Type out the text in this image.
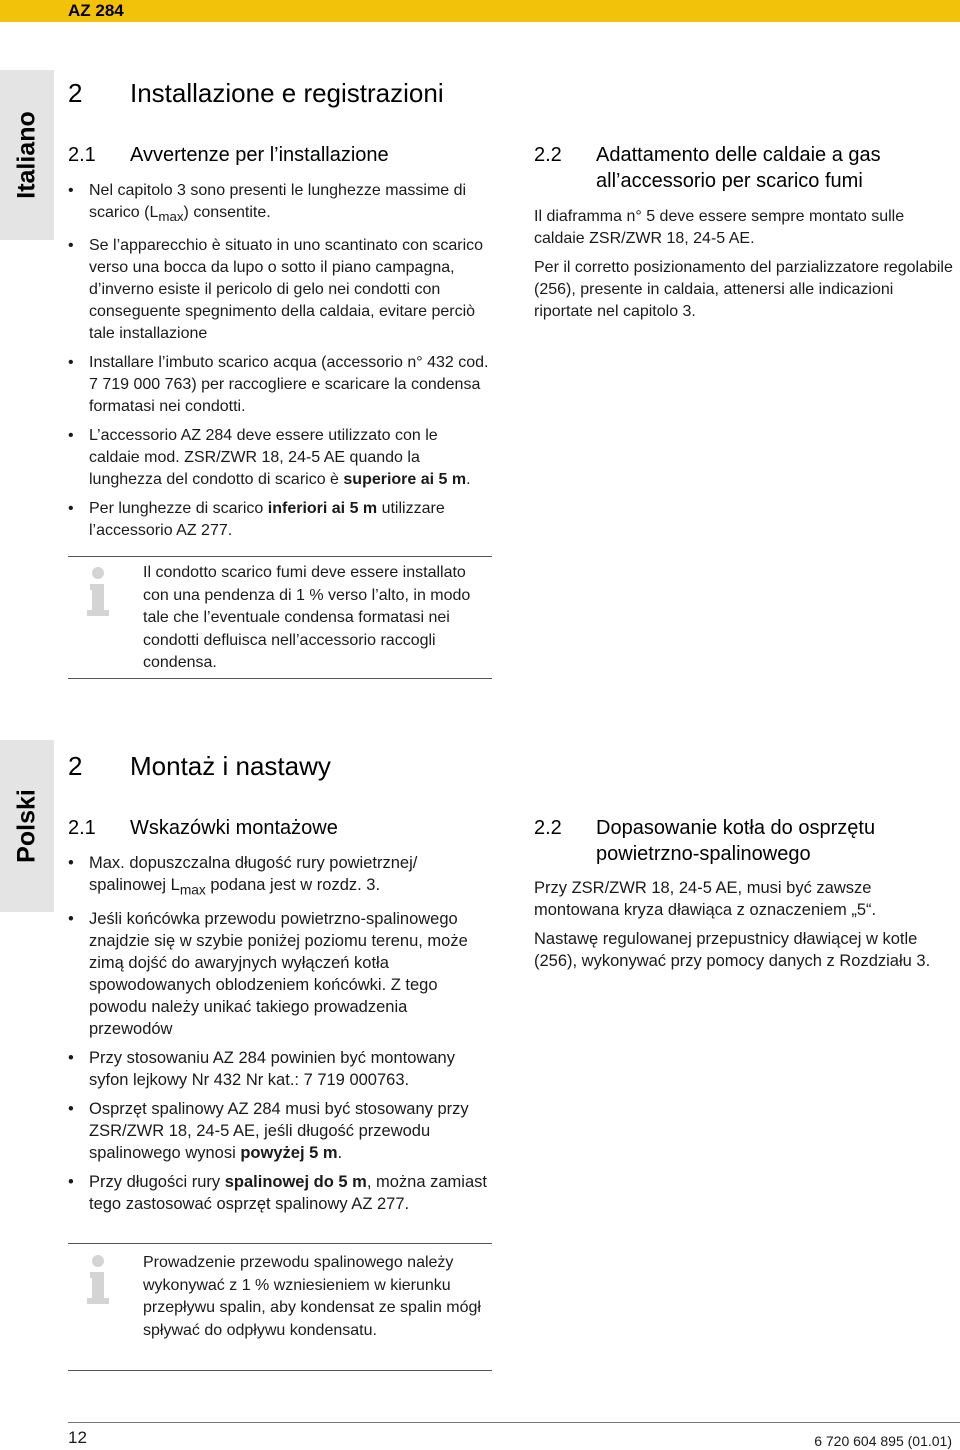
AZ 284
Italiano
2 Installazione e registrazioni
2.1	Avvertenze per l’installazione
• Nel capitolo 3 sono presenti le lunghezze massime di scarico $(L_{max})$ consentite.
• Se l’apparecchio è situato in uno scantinato con scarico verso una bocca da lupo o sotto il piano campagna, d’inverno esiste il pericolo di gelo nei condotti con conseguente spegnimento della caldaia, evitare perciò tale installazione
• Installare l’imbuto scarico acqua (accessorio n° 432 cod. 7 719 000 763) per raccogliere e scaricare la condensa formatasi nei condotti.
• L’accessorio AZ 284 deve essere utilizzato con le caldaie mod. ZSR/ZWR 18, 24-5 AE quando la lunghezza del condotto di scarico è superiore ai 5 m.
• Per lunghezze di scarico inferiori ai 5 m utilizzare l’accessorio AZ 277.
Il condotto scarico fumi deve essere installato con una pendenza di 1 % verso l’alto, in modo tale che l’eventuale condensa formatasi nei condotti defluisca nell’accessorio raccogli condensa.
2.2	Adattamento delle caldaie a gas all’accessorio per scarico fumi

Il diaframma n° 5 deve essere sempre montato sulle caldaie ZSR/ZWR 18, 24-5 AE.

Per il corretto posizionamento del parzializzatore regolabile (256), presente in caldaia, attenersi alle indicazioni riportate nel capitolo 3.

Polski
2 Montaż i nastawy
2.1	Wskazówki montażowe
• Max. dopuszczalna długość rury powietrznej/ spalinowej $L_{max}$ podana jest w rozdz. 3.
• Jeśli końcówka przewodu powietrzno-spalinowego znajdzie się w szybie poniżej poziomu terenu, może zimą dojść do awaryjnych wyłączeń kotła spowodowanych oblodzeniem końcówki. Z tego powodu należy unikać takiego prowadzenia przewodów
• Przy stosowaniu AZ 284 powinien być montowany syfon lejkowy Nr 432 Nr kat.: 7 719 000763.
• Osprzęt spalinowy AZ 284 musi być stosowany przy ZSR/ZWR 18, 24-5 AE, jeśli długość przewodu spalinowego wynosi powyżej 5 m.
• Przy długości rury spalinowej do 5 m, można zamiast tego zastosować osprzęt spalinowy AZ 277.
Prowadzenie przewodu spalinowego należy wykonywać z 1 % wzniesieniem w kierunku przepływu spalin, aby kondensat ze spalin mógł spływać do odpływu kondensatu.
2.2	Dopasowanie kotła do osprzętu powietrzno-spalinowego

Przy ZSR/ZWR 18, 24-5 AE, musi być zawsze montowana kryza dławiąca z oznaczeniem „5“.

Nastawę regulowanej przepustnicy dławiącej w kotle (256), wykonywać przy pomocy danych z Rozdziału 3.

12	6 720 604 895 (01.01)
